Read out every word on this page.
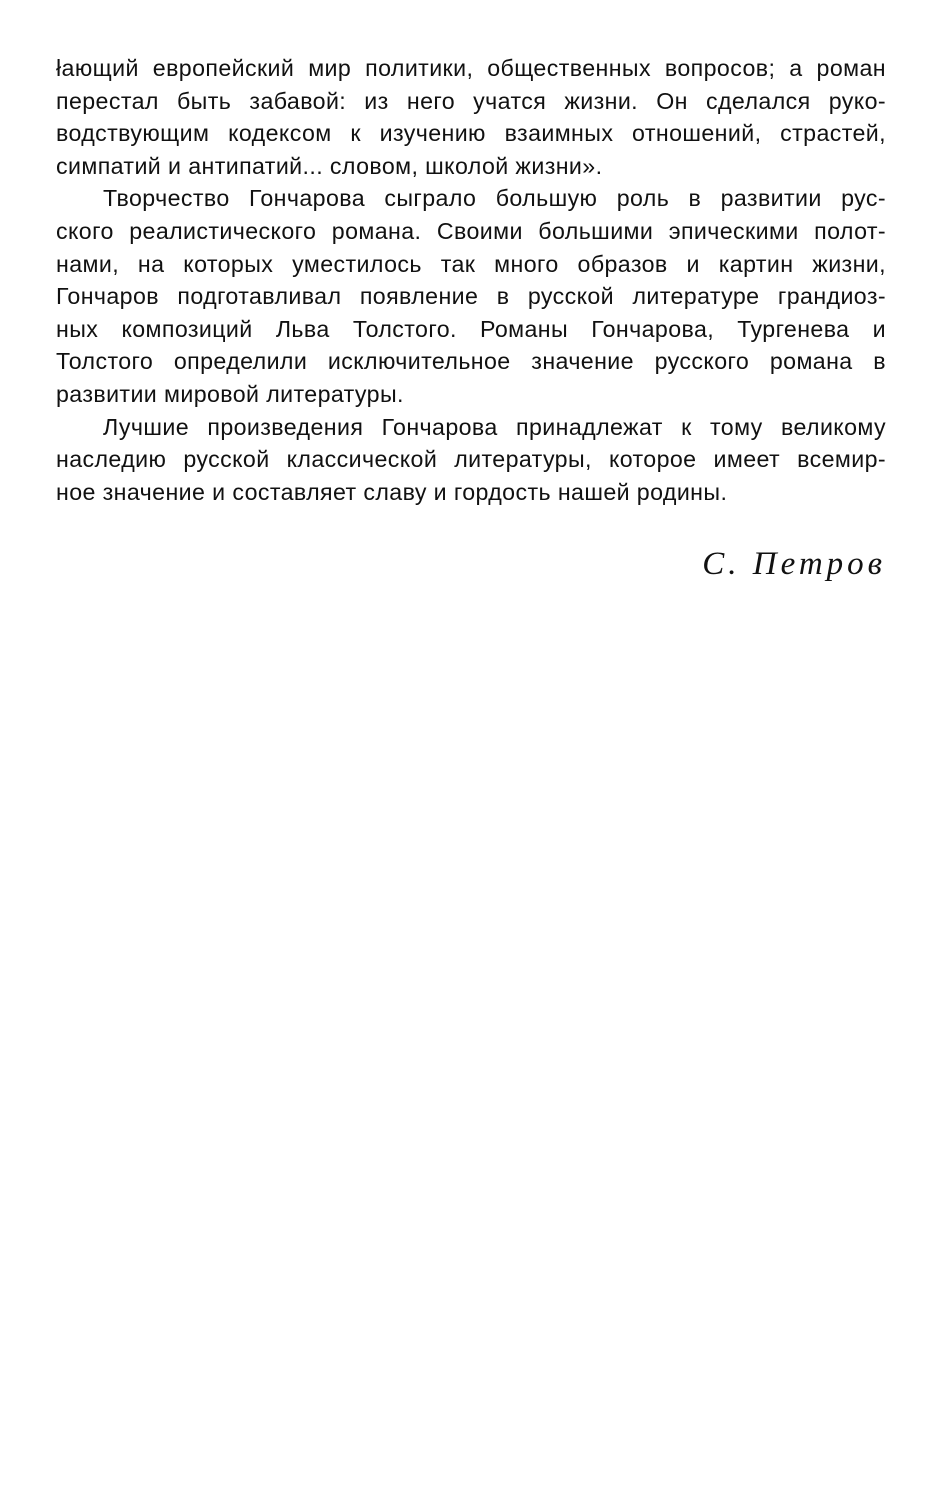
łающий европейский мир политики, общественных вопросов; а роман
перестал быть забавой: из него учатся жизни. Он сделался руко-
водствующим кодексом к изучению взаимных отношений, страстей,
симпатий и антипатий... словом, школой жизни».
Творчество Гончарова сыграло большую роль в развитии рус-
ского реалистического романа. Своими большими эпическими полот-
нами, на которых уместилось так много образов и картин жизни,
Гончаров подготавливал появление в русской литературе грандиоз-
ных композиций Льва Толстого. Романы Гончарова, Тургенева и
Толстого определили исключительное значение русского романа в
развитии мировой литературы.
Лучшие произведения Гончарова принадлежат к тому великому
наследию русской классической литературы, которое имеет всемир-
ное значение и составляет славу и гордость нашей родины.
С. Петров
